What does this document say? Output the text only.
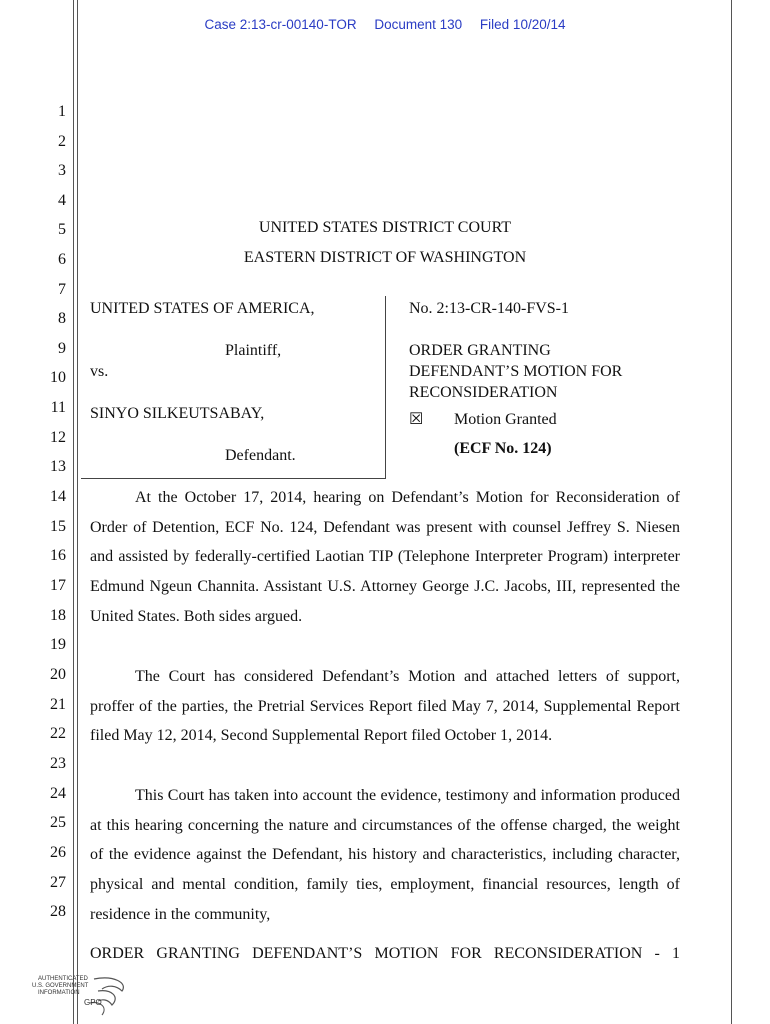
Case 2:13-cr-00140-TOR Document 130 Filed 10/20/14
1
2
3
4
5
6
7
8
9
10
11
12
13
14
15
16
17
18
19
20
21
22
23
24
25
26
27
28
UNITED STATES DISTRICT COURT
EASTERN DISTRICT OF WASHINGTON
UNITED STATES OF AMERICA,
Plaintiff,
vs.
SINYO SILKEUTSABAY,
Defendant.
No. 2:13-CR-140-FVS-1
ORDER GRANTING
DEFENDANT’S MOTION FOR
RECONSIDERATION
☒ Motion Granted
(ECF No. 124)
At the October 17, 2014, hearing on Defendant’s Motion for Reconsideration of Order of Detention, ECF No. 124, Defendant was present with counsel Jeffrey S. Niesen and assisted by federally-certified Laotian TIP (Telephone Interpreter Program) interpreter Edmund Ngeun Channita. Assistant U.S. Attorney George J.C. Jacobs, III, represented the United States. Both sides argued.
The Court has considered Defendant’s Motion and attached letters of support, proffer of the parties, the Pretrial Services Report filed May 7, 2014, Supplemental Report filed May 12, 2014, Second Supplemental Report filed October 1, 2014.
This Court has taken into account the evidence, testimony and information produced at this hearing concerning the nature and circumstances of the offense charged, the weight of the evidence against the Defendant, his history and characteristics, including character, physical and mental condition, family ties, employment, financial resources, length of residence in the community,
ORDER GRANTING DEFENDANT’S MOTION FOR RECONSIDERATION - 1
AUTHENTICATED
U.S. GOVERNMENT
INFORMATION
GPO
